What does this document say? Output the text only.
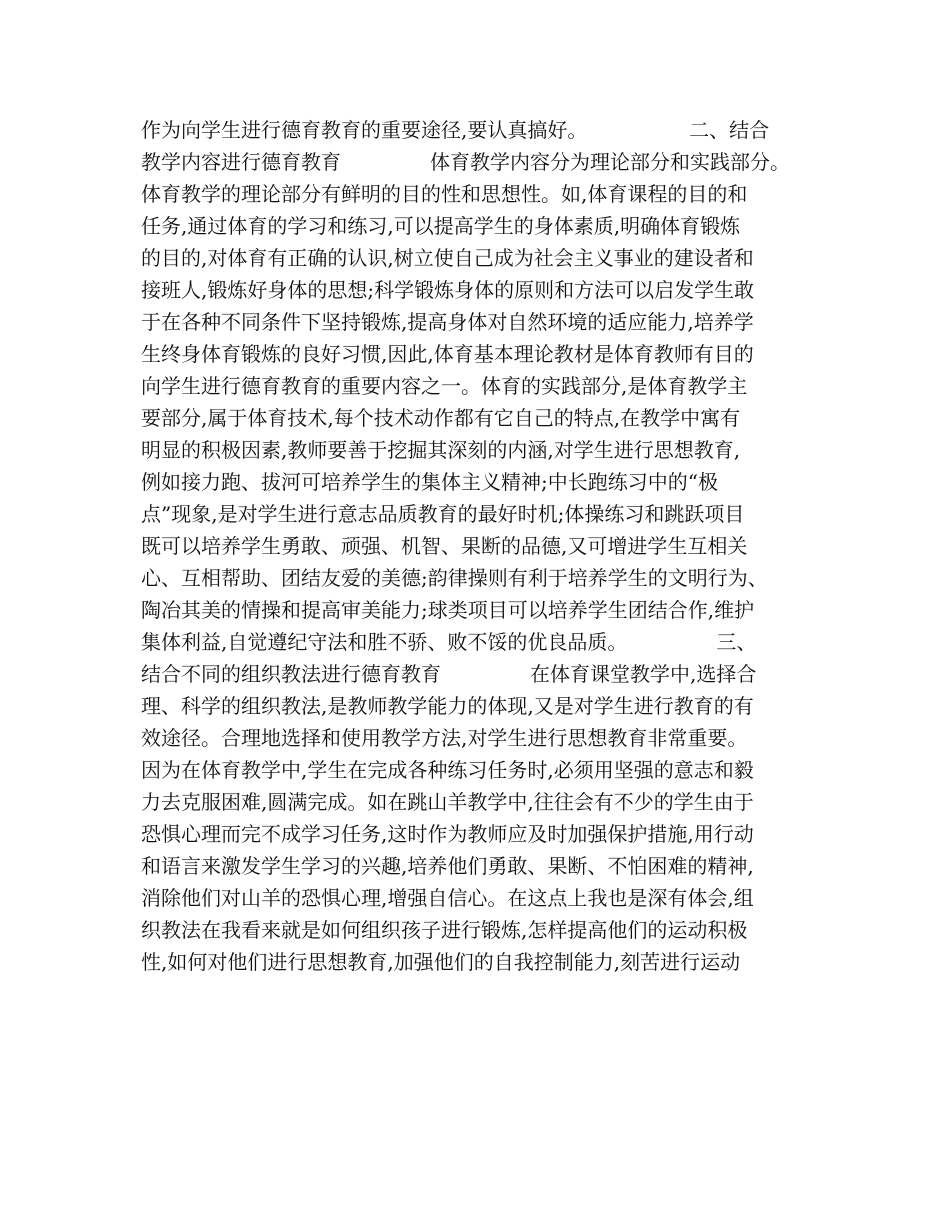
作为向学生进行德育教育的重要途径,要认真搞好。                二、结合
教学内容进行德育教育              体育教学内容分为理论部分和实践部分。
体育教学的理论部分有鲜明的目的性和思想性。如,体育课程的目的和
任务,通过体育的学习和练习,可以提高学生的身体素质,明确体育锻炼
的目的,对体育有正确的认识,树立使自己成为社会主义事业的建设者和
接班人,锻炼好身体的思想;科学锻炼身体的原则和方法可以启发学生敢
于在各种不同条件下坚持锻炼,提高身体对自然环境的适应能力,培养学
生终身体育锻炼的良好习惯,因此,体育基本理论教材是体育教师有目的
向学生进行德育教育的重要内容之一。体育的实践部分,是体育教学主
要部分,属于体育技术,每个技术动作都有它自己的特点,在教学中寓有
明显的积极因素,教师要善于挖掘其深刻的内涵,对学生进行思想教育,
例如接力跑、拔河可培养学生的集体主义精神;中长跑练习中的“极
点”现象,是对学生进行意志品质教育的最好时机;体操练习和跳跃项目
既可以培养学生勇敢、顽强、机智、果断的品德,又可增进学生互相关
心、互相帮助、团结友爱的美德;韵律操则有利于培养学生的文明行为、
陶冶其美的情操和提高审美能力;球类项目可以培养学生团结合作,维护
集体利益,自觉遵纪守法和胜不骄、败不馁的优良品质。              三、
结合不同的组织教法进行德育教育              在体育课堂教学中,选择合
理、科学的组织教法,是教师教学能力的体现,又是对学生进行教育的有
效途径。合理地选择和使用教学方法,对学生进行思想教育非常重要。
因为在体育教学中,学生在完成各种练习任务时,必须用坚强的意志和毅
力去克服困难,圆满完成。如在跳山羊教学中,往往会有不少的学生由于
恐惧心理而完不成学习任务,这时作为教师应及时加强保护措施,用行动
和语言来激发学生学习的兴趣,培养他们勇敢、果断、不怕困难的精神,
消除他们对山羊的恐惧心理,增强自信心。在这点上我也是深有体会,组
织教法在我看来就是如何组织孩子进行锻炼,怎样提高他们的运动积极
性,如何对他们进行思想教育,加强他们的自我控制能力,刻苦进行运动
